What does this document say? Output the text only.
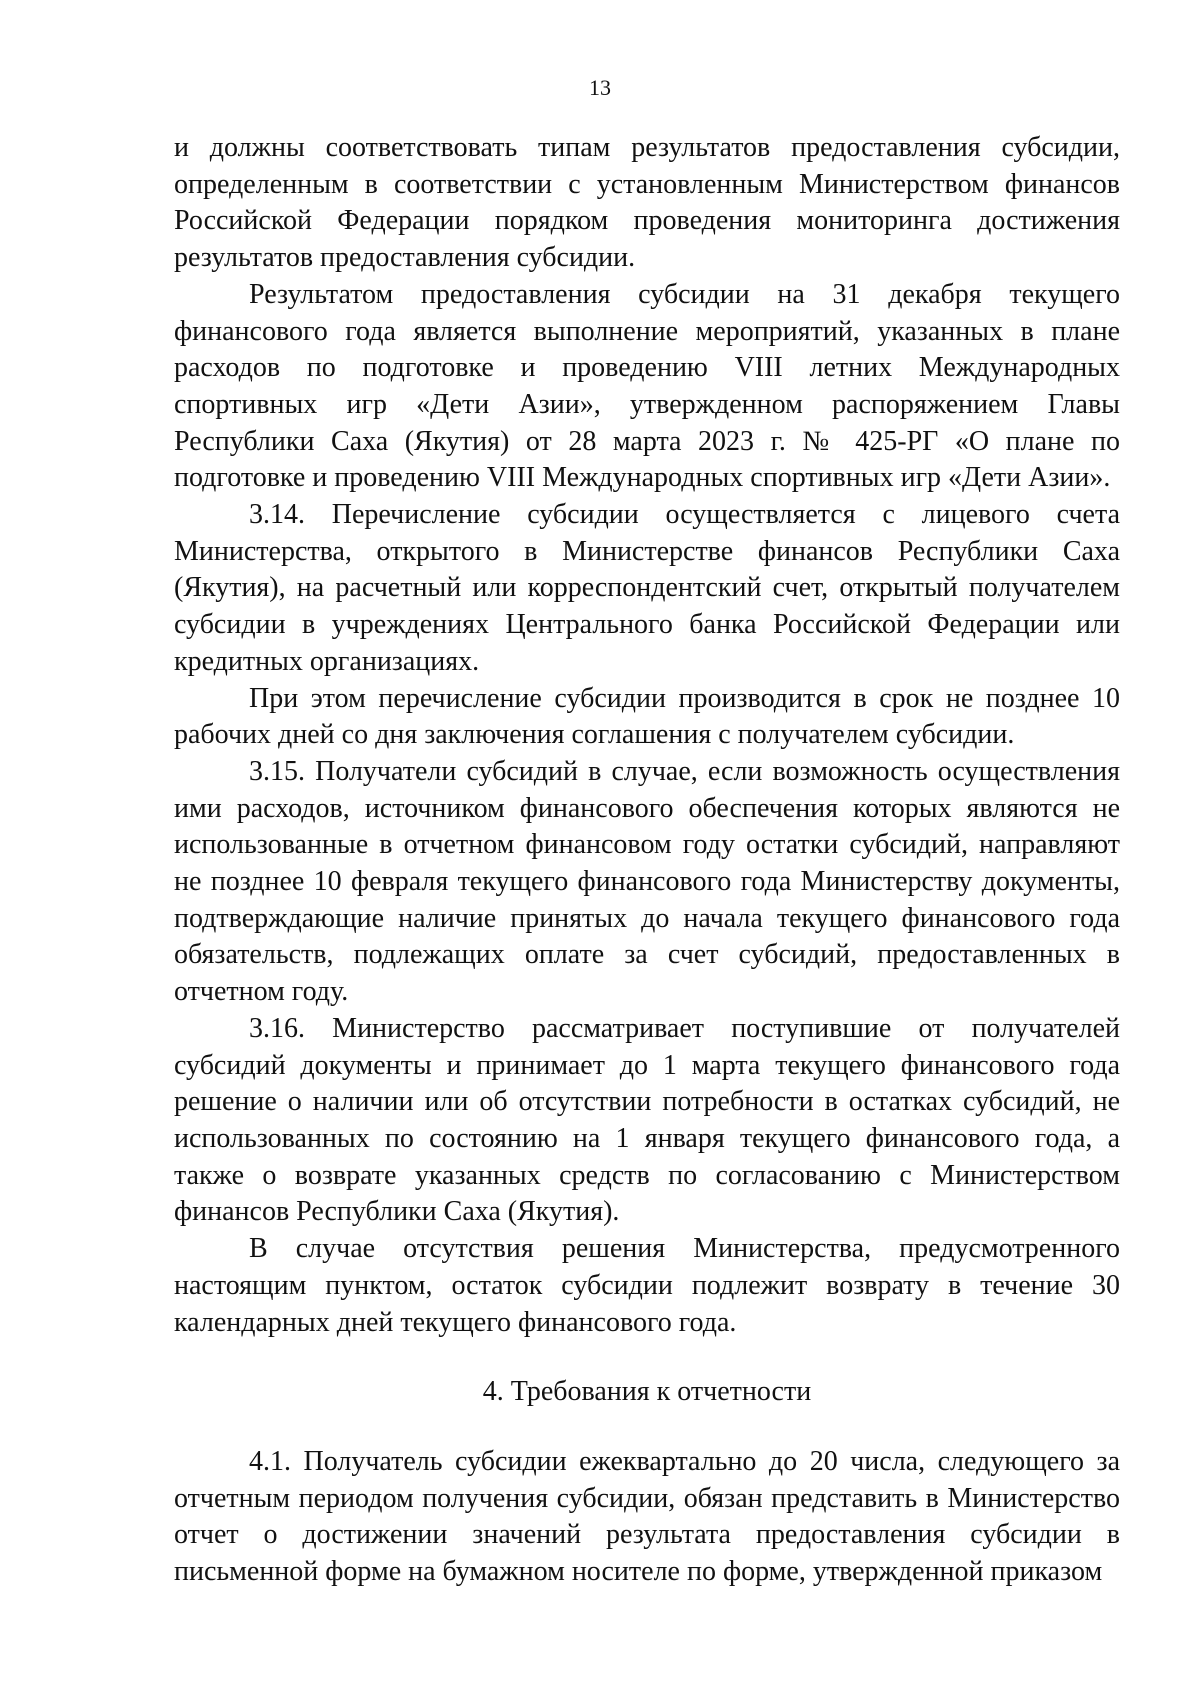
13

и должны соответствовать типам результатов предоставления субсидии, определенным в соответствии с установленным Министерством финансов Российской Федерации порядком проведения мониторинга достижения результатов предоставления субсидии.

Результатом предоставления субсидии на 31 декабря текущего финансового года является выполнение мероприятий, указанных в плане расходов по подготовке и проведению VIII летних Международных спортивных игр «Дети Азии», утвержденном распоряжением Главы Республики Саха (Якутия) от 28 марта 2023 г. № 425-РГ «О плане по подготовке и проведению VIII Международных спортивных игр «Дети Азии».

3.14. Перечисление субсидии осуществляется с лицевого счета Министерства, открытого в Министерстве финансов Республики Саха (Якутия), на расчетный или корреспондентский счет, открытый получателем субсидии в учреждениях Центрального банка Российской Федерации или кредитных организациях.

При этом перечисление субсидии производится в срок не позднее 10 рабочих дней со дня заключения соглашения с получателем субсидии.

3.15. Получатели субсидий в случае, если возможность осуществления ими расходов, источником финансового обеспечения которых являются не использованные в отчетном финансовом году остатки субсидий, направляют не позднее 10 февраля текущего финансового года Министерству документы, подтверждающие наличие принятых до начала текущего финансового года обязательств, подлежащих оплате за счет субсидий, предоставленных в отчетном году.

3.16. Министерство рассматривает поступившие от получателей субсидий документы и принимает до 1 марта текущего финансового года решение о наличии или об отсутствии потребности в остатках субсидий, не использованных по состоянию на 1 января текущего финансового года, а также о возврате указанных средств по согласованию с Министерством финансов Республики Саха (Якутия).

В случае отсутствия решения Министерства, предусмотренного настоящим пунктом, остаток субсидии подлежит возврату в течение 30 календарных дней текущего финансового года.

4. Требования к отчетности

4.1. Получатель субсидии ежеквартально до 20 числа, следующего за отчетным периодом получения субсидии, обязан представить в Министерство отчет о достижении значений результата предоставления субсидии в письменной форме на бумажном носителе по форме, утвержденной приказом
